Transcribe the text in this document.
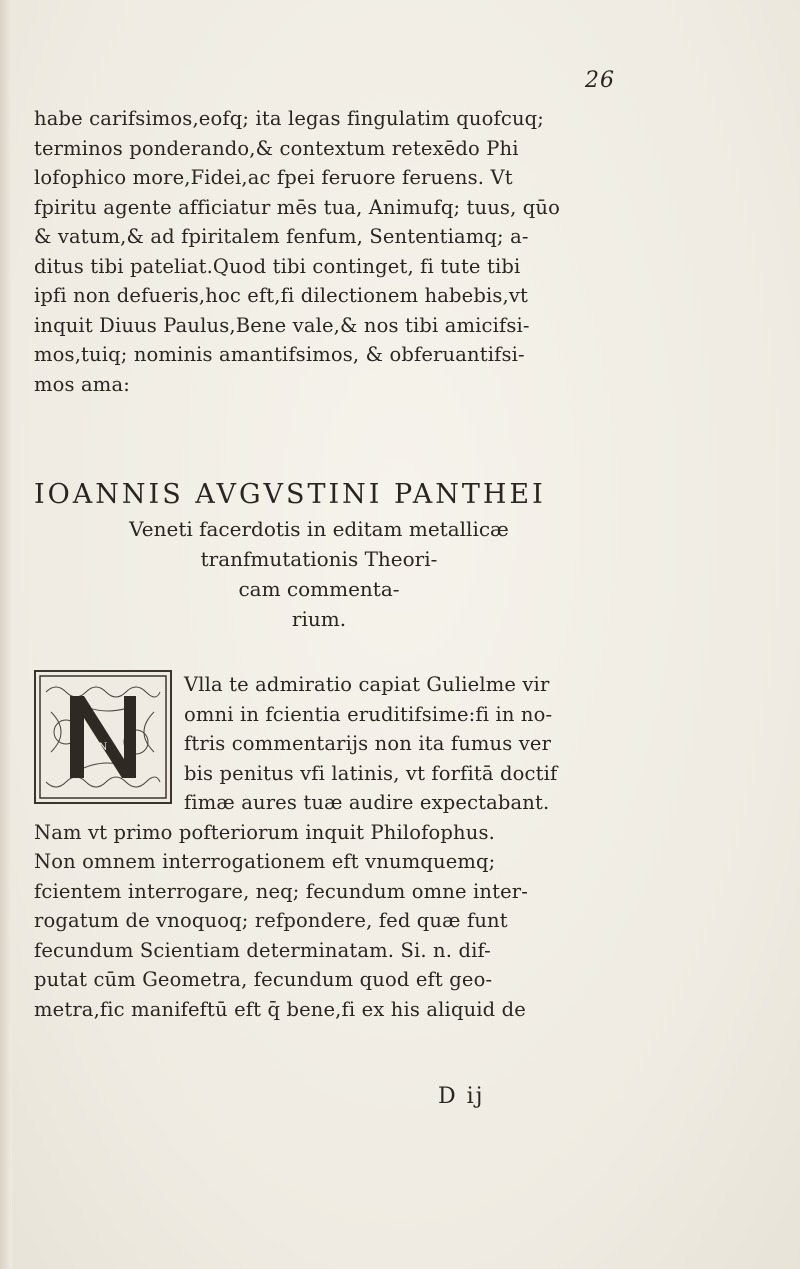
26
habe carifsimos,eofq; ita legas fingulatim quofcuq;
terminos ponderando,& contextum retexēdo Phi
lofophico more,Fidei,ac fpei feruore feruens. Vt
fpiritu agente afficiatur mēs tua, Animufq; tuus, qūo
& vatum,& ad fpiritalem fenfum, Sententiamq; a-
ditus tibi pateliat.Quod tibi continget, fi tute tibi
ipfi non defueris,hoc eft,fi dilectionem habebis,vt
inquit Diuus Paulus,Bene vale,& nos tibi amicifsi-
mos,tuiq; nominis amantifsimos, & obferuantifsi-
mos ama:
IOANNIS AVGVSTINI PANTHEI
Veneti facerdotis in editam metallicæ
tranfmutationis Theori-
cam commenta-
rium.
N
Vlla te admiratio capiat Gulielme vir
omni in fcientia eruditifsime:fi in no-
ftris commentarijs non ita fumus ver
bis penitus vfi latinis, vt forfitā doctif
fimæ aures tuæ audire expectabant.
Nam vt primo pofteriorum inquit Philofophus.
Non omnem interrogationem eft vnumquemq;
fcientem interrogare, neq; fecundum omne inter-
rogatum de vnoquoq; refpondere, fed quæ funt
fecundum Scientiam determinatam. Si. n. dif-
putat cūm Geometra, fecundum quod eft geo-
metra,fic manifeftū eft q̄ bene,fi ex his aliquid de
D ij
